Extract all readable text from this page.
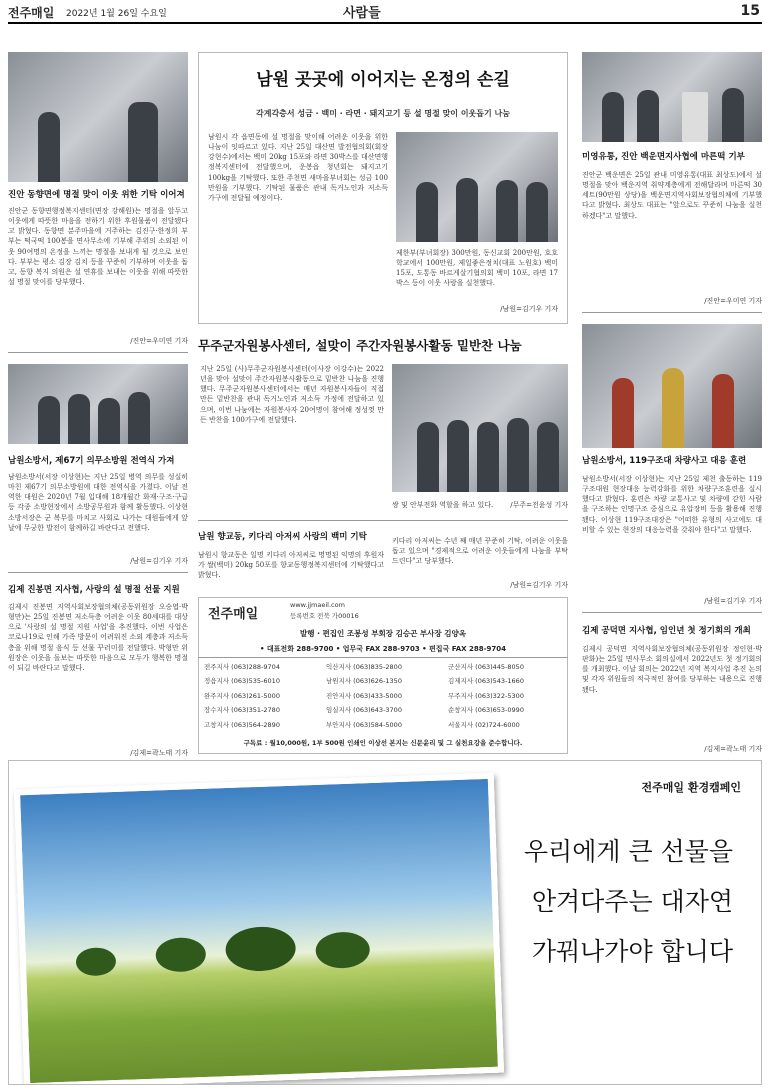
전주매일 2022년 1월 26일 수요일	사람들	15
진안 동향면에 명절 맞이 이웃 위한 기탁 이어져
진안군 동향면행정복지센터(면장 강해원)는 명절을 앞두고 이웃에게 따뜻한 마음을 전하기 위한 후원물품이 전달됐다고 밝혔다. 동향면 분주마을에 거주하는 김진구·한정희 부부는 떡국떡 100봉을 면사무소에 기부해 주위의 소외된 이웃 90여명의 온정을 느끼는 명절을 보내게 될 것으로 보인다. 부부는 평소 김장 김치 등을 꾸준히 기부하며 이웃을 돕고, 동향 복지 의원은 설 연휴를 보내는 이웃을 위해 따뜻한 설 명절 맞이를 당부했다.
/진안=우미연 기자
남원소방서, 제67기 의무소방원 전역식 가져
남원소방서(서장 이상현)는 지난 25일 병역 의무를 성실히 마친 제67기 의무소방원에 대한 전역식을 가졌다. 이날 전역한 대원은 2020년 7월 입대해 18개월간 화재·구조·구급 등 각종 소방현장에서 소방공무원과 함께 활동했다. 이상현 소방서장은 군 복무를 마치고 사회로 나가는 대원들에게 앞날에 무궁한 발전이 함께하길 바란다고 전했다.
/남원=김기우 기자
김제 진봉면 지사협, 사랑의 설 명절 선물 지원
김제시 진봉면 지역사회보장협의체(공동위원장 오승엽·박형만)는 25일 진봉면 저소득층 어려운 이웃 80세대를 대상으로 '사랑의 설 명절 지원 사업'을 추진했다. 이번 사업은 코로나19로 인해 가족 방문이 어려워진 소외 계층과 저소득층을 위해 명절 음식 등 선물 꾸러미를 전달했다. 박형만 위원장은 이웃을 돌보는 따뜻한 마음으로 모두가 행복한 명절이 되길 바란다고 말했다.
/김제=곽노태 기자
남원 곳곳에 이어지는 온정의 손길
각계각층서 성금 · 백미 · 라면 · 돼지고기 등 설 명절 맞이 이웃돕기 나눔
남원시 각 읍면동에 설 명절을 맞이해 어려운 이웃을 위한 나눔이 잇따르고 있다. 지난 25일 대산면 발전협의회(회장 강현수)에서는 백미 20kg 15포와 라면 30박스를 대산면행정복지센터에 전달했으며, 운봉읍 청년회는 돼지고기 100kg을 기탁했다. 또한 주천면 새마을부녀회는 성금 100만원을 기부했다. 기탁된 물품은 관내 독거노인과 저소득 가구에 전달될 예정이다.
제한부(부녀회장) 300만원, 동신교회 200만원, 호호학교에서 100만원, 제일좋은정치(대표 노원호) 백미 15포, 도통동 바르게살기협의회 백미 10포, 라면 17박스 등이 이웃 사랑을 실천했다.
/남원=김기우 기자
무주군자원봉사센터, 설맞이 주간자원봉사활동 밑반찬 나눔
지난 25일 (사)무주군자원봉사센터(이사장 이강수)는 2022년을 맞아 설맞이 주간자원봉사활동으로 밑반찬 나눔을 진행했다. 무주군자원봉사센터에서는 매년 자원봉사자들이 직접 만든 밑반찬을 관내 독거노인과 저소득 가정에 전달하고 있으며, 이번 나눔에는 자원봉사자 20여명이 참여해 정성껏 만든 반찬을 100가구에 전달했다.
쌍 및 안부전화 역할을 하고 있다.	/무주=전윤성 기자
남원 향교동, 키다리 아저씨 사랑의 백미 기탁
남원시 향교동은 일명 키다리 아저씨로 명명된 익명의 후원자가 쌀(백미) 20kg 50포를 향교동행정복지센터에 기탁했다고 밝혔다.
키다리 아저씨는 수년 째 매년 꾸준히 기탁, 어려운 이웃을 돕고 있으며 "경제적으로 어려운 이웃들에게 나눔을 부탁드린다"고 당부했다.
/남원=김기우 기자
전주매일
www.jjmaeil.com
등록번호 전북 가00016
발행 · 편집인 조봉성 부회장 김승곤 부사장 김양옥
• 대표전화 288-9700 • 업무국 FAX 288-9703 • 편집국 FAX 288-9704
전주지사 (063)288-9704	익산지사 (063)835-2800	군산지사 (063)445-8050
정읍지사 (063)535-6010	남원지사 (063)626-1350	김제지사 (063)543-1660
완주지사 (063)261-5000	진안지사 (063)433-5000	무주지사 (063)322-5300
장수지사 (063)351-2780	임실지사 (063)643-3700	순창지사 (063)653-0990
고창지사 (063)564-2890	부안지사 (063)584-5000	서울지사 (02)724-6000
구독료 : 월10,000원, 1부 500원 인쇄인 이상선 본지는 신문윤리 및 그 실천요강을 준수합니다.
미영유통, 진안 백운면지사협에 마른떡 기부
진안군 백운면은 25일 관내 미영유통(대표 최상도)에서 설 명절을 맞아 백운지역 취약계층에게 전해달라며 마른떡 30세트(90만원 상당)을 백운면지역사회보장협의체에 기부했다고 밝혔다. 최상도 대표는 "앞으로도 꾸준히 나눔을 실천하겠다"고 말했다.
/진안=우미연 기자
남원소방서, 119구조대 차량사고 대응 훈련
남원소방서(서장 이상현)는 지난 25일 제천 출동하는 119구조대원 현장대응 능력강화를 위한 차량구조훈련을 실시했다고 밝혔다. 훈련은 차량 교통사고 및 차량에 갇힌 사람을 구조하는 인명구조 중심으로 유압장비 등을 활용해 진행됐다. 이상현 119구조대장은 "어떠한 유형의 사고에도 대비할 수 있는 현장의 대응능력을 갖춰야 한다"고 말했다.
/남원=김기우 기자
김제 공덕면 지사협, 임인년 첫 정기회의 개최
김제시 공덕면 지역사회보장협의체(공동위원장 정인현·박판화)는 25일 면사무소 회의실에서 2022년도 첫 정기회의를 개최했다. 이날 회의는 2022년 지역 복지사업 추진 논의 및 각자 위원들의 적극적인 참여를 당부하는 내용으로 진행됐다.
/김제=곽노태 기자
전주매일 환경캠페인
우리에게 큰 선물을
안겨다주는 대자연
가꿔나가야 합니다
